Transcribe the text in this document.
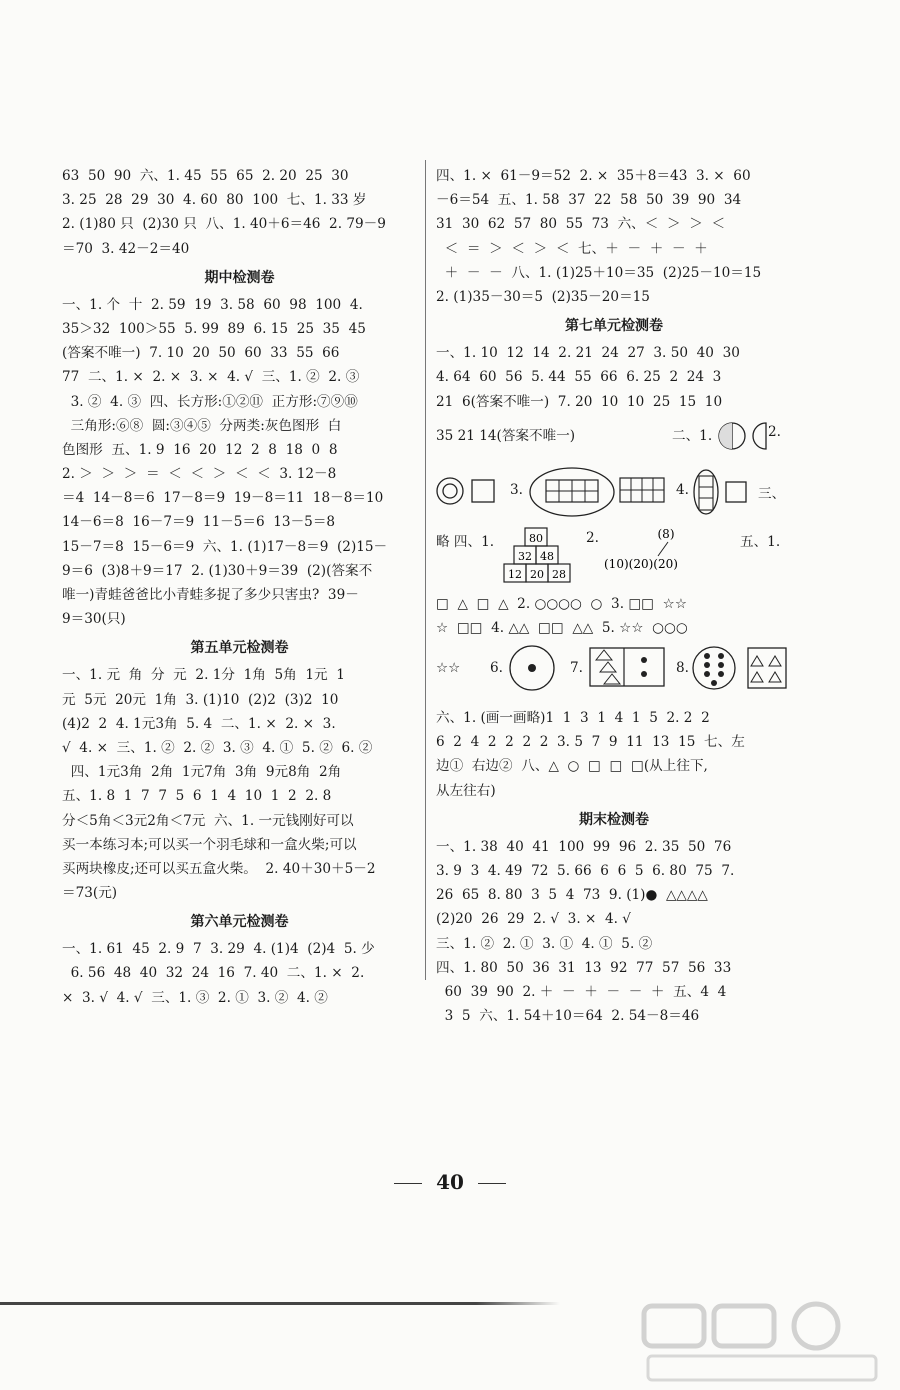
63  50  90  六、1. 45  55  65  2. 20  25  30
3. 25  28  29  30  4. 60  80  100  七、1. 33 岁
2. (1)80 只  (2)30 只  八、1. 40＋6＝46  2. 79－9
＝70  3. 42－2＝40
期中检测卷
一、1. 个  十  2. 59  19  3. 58  60  98  100  4.
35＞32  100＞55  5. 99  89  6. 15  25  35  45
(答案不唯一)  7. 10  20  50  60  33  55  66
77  二、1. ×  2. ×  3. ×  4. √  三、1. ②  2. ③
3. ②  4. ③  四、长方形:①②⑪  正方形:⑦⑨⑩
三角形:⑥⑧  圆:③④⑤  分两类:灰色图形  白
色图形  五、1. 9  16  20  12  2  8  18  0  8
2. ＞  ＞  ＞  ＝  ＜  ＜  ＞  ＜  ＜  3. 12－8
＝4  14－8＝6  17－8＝9  19－8＝11  18－8＝10
14－6＝8  16－7＝9  11－5＝6  13－5＝8
15－7＝8  15－6＝9  六、1. (1)17－8＝9  (2)15－
9＝6  (3)8＋9＝17  2. (1)30＋9＝39  (2)(答案不
唯一)青蛙爸爸比小青蛙多捉了多少只害虫?  39－
9＝30(只)
第五单元检测卷
一、1. 元  角  分  元  2. 1分  1角  5角  1元  1
元  5元  20元  1角  3. (1)10  (2)2  (3)2  10
(4)2  2  4. 1元3角  5. 4  二、1. ×  2. ×  3.
√  4. ×  三、1. ②  2. ②  3. ③  4. ①  5. ②  6. ②
四、1元3角  2角  1元7角  3角  9元8角  2角
五、1. 8  1  7  7  5  6  1  4  10  1  2  2. 8
分＜5角＜3元2角＜7元  六、1. 一元钱刚好可以
买一本练习本;可以买一个羽毛球和一盒火柴;可以
买两块橡皮;还可以买五盒火柴。  2. 40＋30＋5－2
＝73(元)
第六单元检测卷
一、1. 61  45  2. 9  7  3. 29  4. (1)4  (2)4  5. 少
6. 56  48  40  32  24  16  7. 40  二、1. ×  2.
×  3. √  4. √  三、1. ③  2. ①  3. ②  4. ②
四、1. ×  61－9＝52  2. ×  35＋8＝43  3. ×  60
－6＝54  五、1. 58  37  22  58  50  39  90  34
31  30  62  57  80  55  73  六、＜  ＞  ＞  ＜
＜  ＝  ＞  ＜  ＞  ＜  七、＋  －  ＋  －  ＋
＋  －  －  八、1. (1)25＋10＝35  (2)25－10＝15
2. (1)35－30＝5  (2)35－20＝15
第七单元检测卷
一、1. 10  12  14  2. 21  24  27  3. 50  40  30
4. 64  60  56  5. 44  55  66  6. 25  2  24  3
21  6(答案不唯一)  7. 20  10  10  25  15  10
35 21 14(答案不唯一)	二、1.	2.
3.	4.	三、
略 四、1.	80
32 48
12 20 28
2.	(8)
(10)(20)(20)
五、1.
□  △  □  △  2. ○○○○  ○  3. □□  ☆☆
☆  □□  4. △△  □□  △△  5. ☆☆  ○○○
☆☆ 6.	7.	8.
六、1. (画一画略)1  1  3  1  4  1  5  2. 2  2
6  2  4  2  2  2  2  3. 5  7  9  11  13  15  七、左
边①  右边②  八、△  ○  □  □  □(从上往下,
从左往右)
期末检测卷
一、1. 38  40  41  100  99  96  2. 35  50  76
3. 9  3  4. 49  72  5. 66  6  6  5  6. 80  75  7.
26  65  8. 80  3  5  4  73  9. (1)●  △△△△
(2)20  26  29  2. √  3. ×  4. √
三、1. ②  2. ①  3. ①  4. ①  5. ②
四、1. 80  50  36  31  13  92  77  57  56  33
60  39  90  2. ＋  －  ＋  －  －  ＋  五、4  4
3  5  六、1. 54＋10＝64  2. 54－8＝46
40
